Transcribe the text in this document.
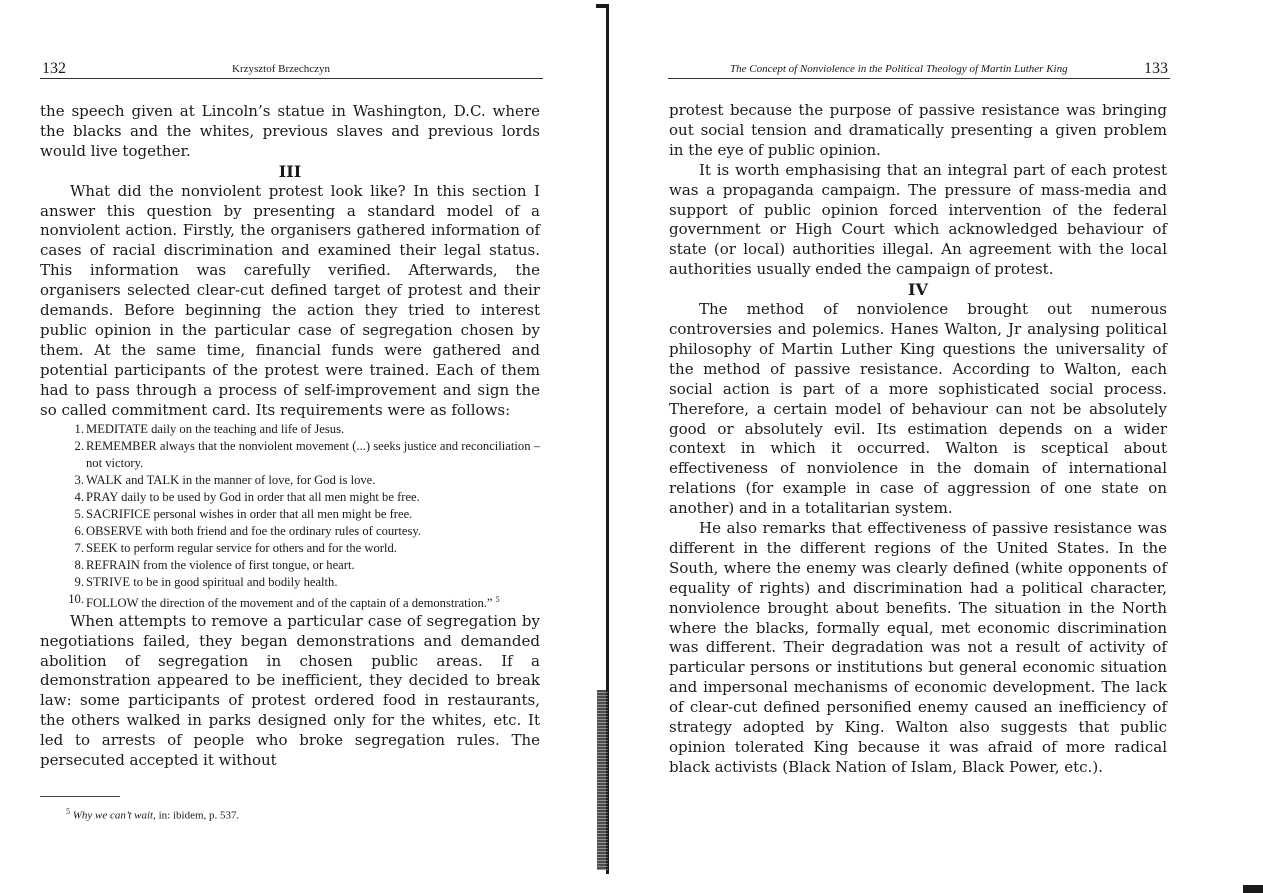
132	Krzysztof Brzechczyn

the speech given at Lincoln’s statue in Washington, D.C. where the blacks and the whites, previous slaves and previous lords would live together.

III

What did the nonviolent protest look like? In this section I answer this question by presenting a standard model of a nonviolent action. Firstly, the organisers gathered information of cases of racial discrimination and examined their legal status. This information was carefully verified. Afterwards, the organisers selected clear-cut defined target of protest and their demands. Before beginning the action they tried to interest public opinion in the particular case of segregation chosen by them. At the same time, financial funds were gathered and potential participants of the protest were trained. Each of them had to pass through a process of self-improvement and sign the so called commitment card. Its requirements were as follows:

1. MEDITATE daily on the teaching and life of Jesus.
2. REMEMBER always that the nonviolent movement (...) seeks justice and reconciliation – not victory.
3. WALK and TALK in the manner of love, for God is love.
4. PRAY daily to be used by God in order that all men might be free.
5. SACRIFICE personal wishes in order that all men might be free.
6. OBSERVE with both friend and foe the ordinary rules of courtesy.
7. SEEK to perform regular service for others and for the world.
8. REFRAIN from the violence of first tongue, or heart.
9. STRIVE to be in good spiritual and bodily health.
10. FOLLOW the direction of the movement and of the captain of a demonstration.” $^5$

When attempts to remove a particular case of segregation by negotiations failed, they began demonstrations and demanded abolition of segregation in chosen public areas. If a demonstration appeared to be inefficient, they decided to break law: some participants of protest ordered food in restaurants, the others walked in parks designed only for the whites, etc. It led to arrests of people who broke segregation rules. The persecuted accepted it without

$^5$ Why we can’t wait, in: ibidem, p. 537.
The Concept of Nonviolence in the Political Theology of Martin Luther King	133

protest because the purpose of passive resistance was bringing out social tension and dramatically presenting a given problem in the eye of public opinion.

It is worth emphasising that an integral part of each protest was a propaganda campaign. The pressure of mass-media and support of public opinion forced intervention of the federal government or High Court which acknowledged behaviour of state (or local) authorities illegal. An agreement with the local authorities usually ended the campaign of protest.

IV

The method of nonviolence brought out numerous controversies and polemics. Hanes Walton, Jr analysing political philosophy of Martin Luther King questions the universality of the method of passive resistance. According to Walton, each social action is part of a more sophisticated social process. Therefore, a certain model of behaviour can not be absolutely good or absolutely evil. Its estimation depends on a wider context in which it occurred. Walton is sceptical about effectiveness of nonviolence in the domain of international relations (for example in case of aggression of one state on another) and in a totalitarian system.

He also remarks that effectiveness of passive resistance was different in the different regions of the United States. In the South, where the enemy was clearly defined (white opponents of equality of rights) and discrimination had a political character, nonviolence brought about benefits. The situation in the North where the blacks, formally equal, met economic discrimination was different. Their degradation was not a result of activity of particular persons or institutions but general economic situation and impersonal mechanisms of economic development. The lack of clear-cut defined personified enemy caused an inefficiency of strategy adopted by King. Walton also suggests that public opinion tolerated King because it was afraid of more radical black activists (Black Nation of Islam, Black Power, etc.).
